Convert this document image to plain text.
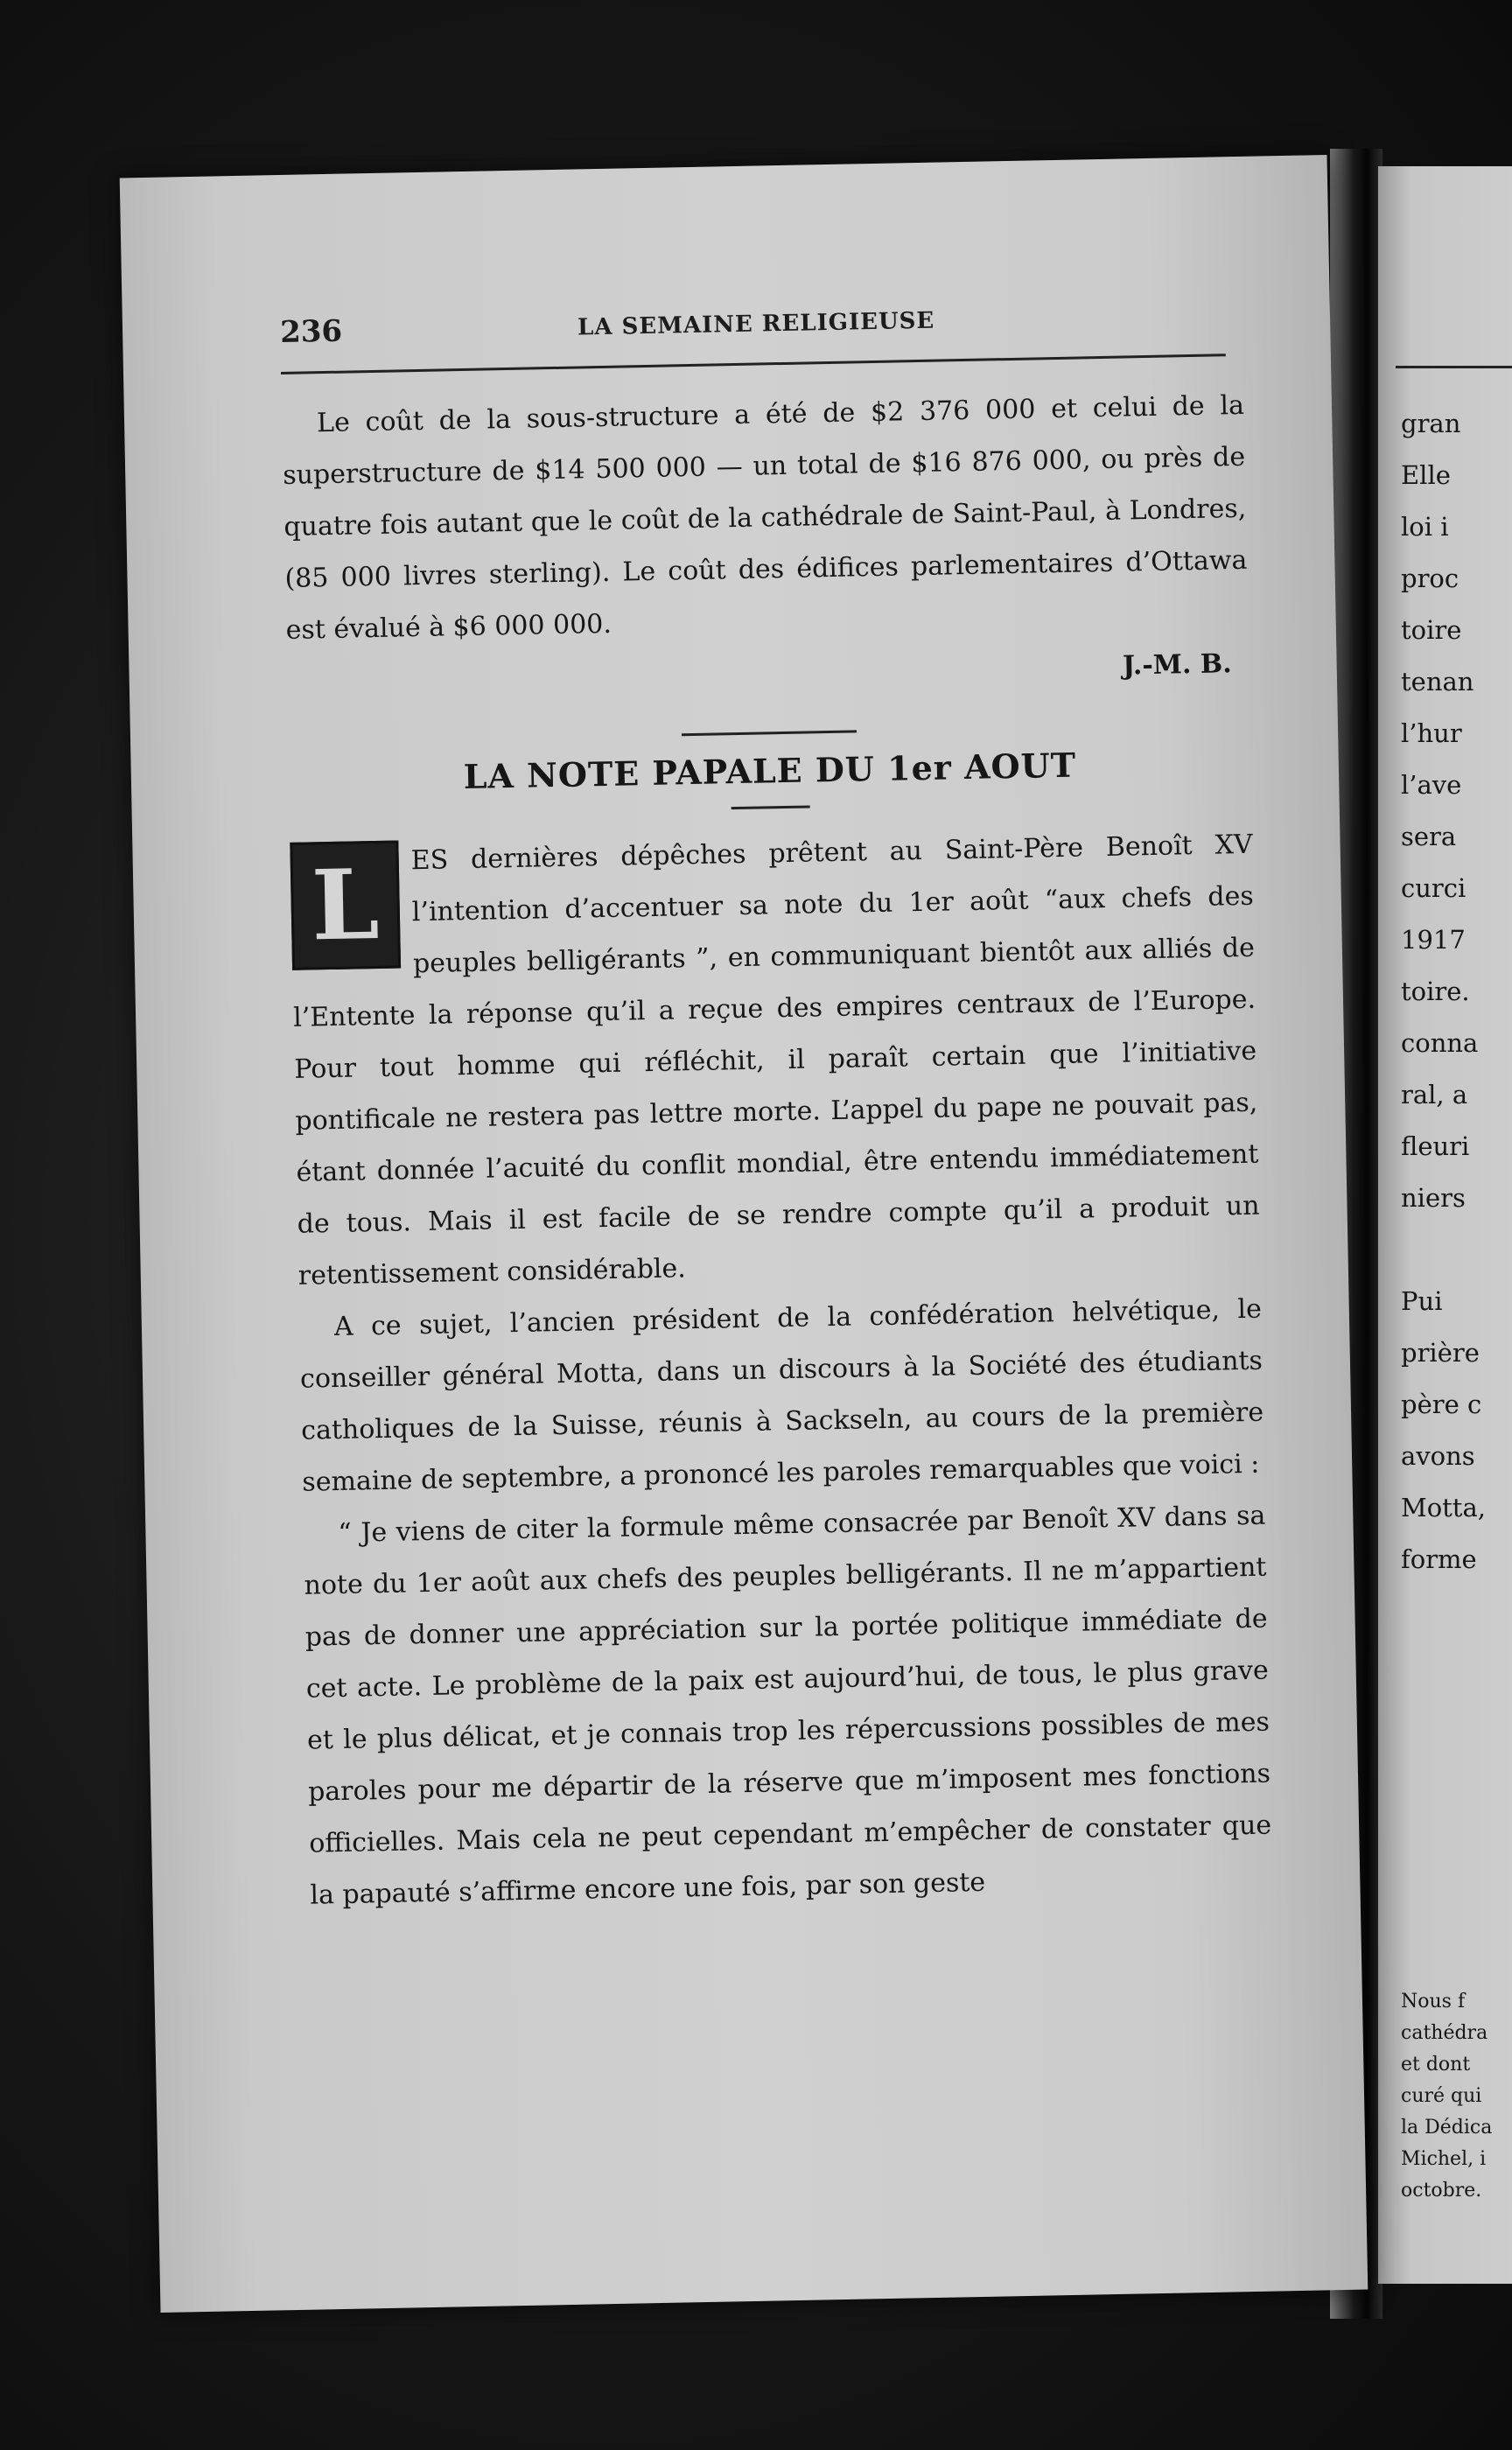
gran
Elle
loi i
proc
toire
tenan
l’hur
l’ave
sera
curci
1917
toire.
conna
ral, a
fleuri
niers

Pui
prière
père c
avons
Motta,
forme
Nous f
cathédra
et dont
curé qui
la Dédica
Michel, i
octobre.
236	LA SEMAINE RELIGIEUSE

Le coût de la sous-structure a été de $2 376 000 et celui de la superstructure de $14 500 000 — un total de $16 876 000, ou près de quatre fois autant que le coût de la cathédrale de Saint-Paul, à Londres, (85 000 livres sterling). Le coût des édifices parlementaires d’Ottawa est évalué à $6 000 000.

J.-M. B.

LA NOTE PAPALE DU 1er AOUT

L	ES dernières dépêches prêtent au Saint-Père Benoît XV l’intention d’accentuer sa note du 1er août “aux chefs des peuples belligérants ”, en communiquant bientôt aux alliés de l’Entente la réponse qu’il a reçue des empires centraux de l’Europe. Pour tout homme qui réfléchit, il paraît certain que l’initiative pontificale ne restera pas lettre morte. L’appel du pape ne pouvait pas, étant donnée l’acuité du conflit mondial, être entendu immédiatement de tous. Mais il est facile de se rendre compte qu’il a produit un retentissement considérable.

A ce sujet, l’ancien président de la confédération helvétique, le conseiller général Motta, dans un discours à la Société des étudiants catholiques de la Suisse, réunis à Sackseln, au cours de la première semaine de septembre, a prononcé les paroles remarquables que voici :

“ Je viens de citer la formule même consacrée par Benoît XV dans sa note du 1er août aux chefs des peuples belligérants. Il ne m’appartient pas de donner une appréciation sur la portée politique immédiate de cet acte. Le problème de la paix est aujourd’hui, de tous, le plus grave et le plus délicat, et je connais trop les répercussions possibles de mes paroles pour me départir de la réserve que m’imposent mes fonctions officielles. Mais cela ne peut cependant m’empêcher de constater que la papauté s’affirme encore une fois, par son geste
